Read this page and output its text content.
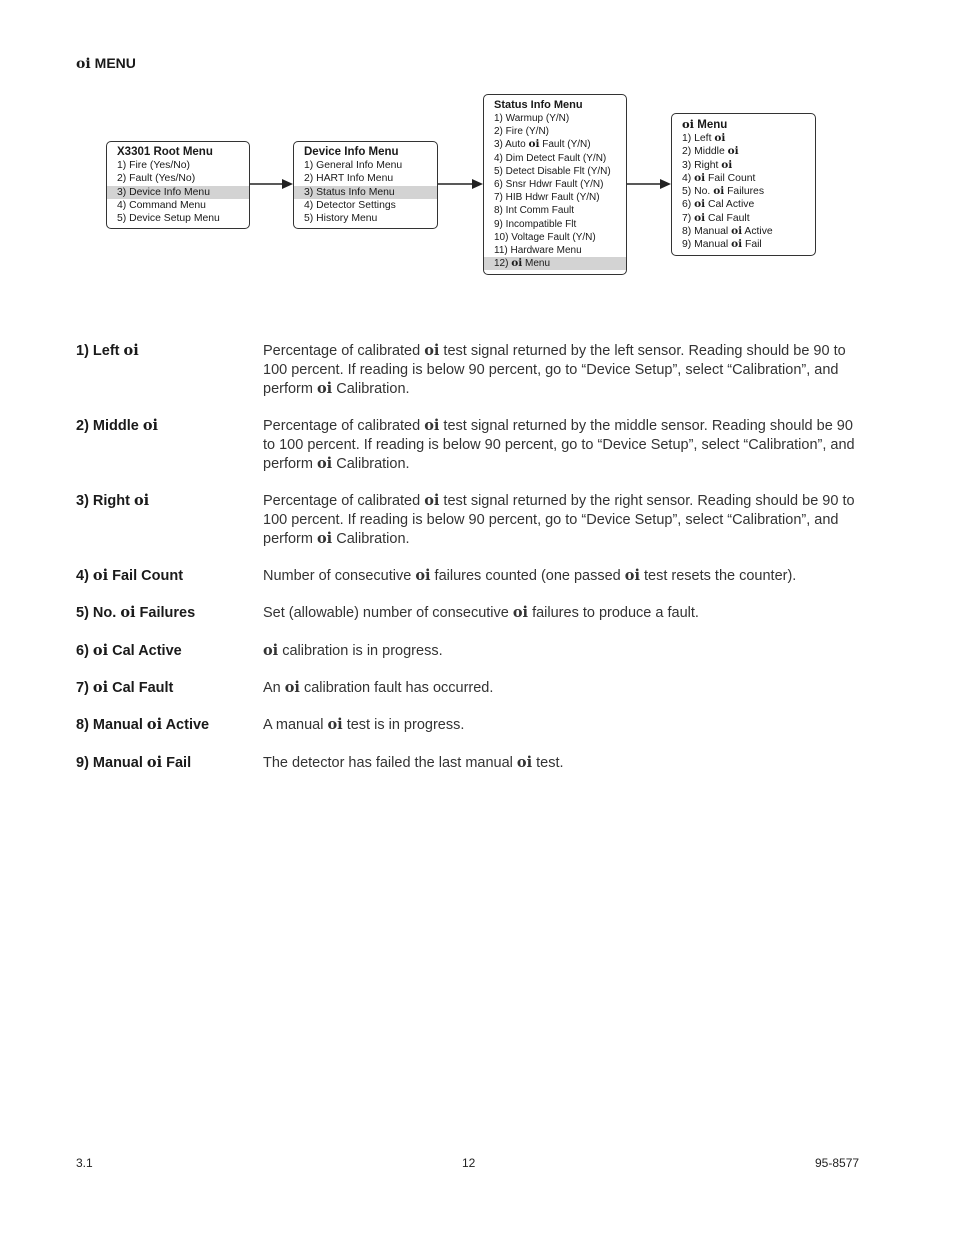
oi MENU
X3301 Root Menu
1) Fire (Yes/No)
2) Fault (Yes/No)
3) Device Info Menu
4) Command Menu
5) Device Setup Menu
Device Info Menu
1) General Info Menu
2) HART Info Menu
3) Status Info Menu
4) Detector Settings
5) History Menu
Status Info Menu
1) Warmup (Y/N)
2) Fire (Y/N)
3) Auto oi Fault (Y/N)
4) Dim Detect Fault (Y/N)
5) Detect Disable Flt (Y/N)
6) Snsr Hdwr Fault (Y/N)
7) HIB Hdwr Fault (Y/N)
8) Int Comm Fault
9) Incompatible Flt
10) Voltage Fault (Y/N)
11) Hardware Menu
12) oi Menu
oi Menu
1) Left oi
2) Middle oi
3) Right oi
4) oi Fail Count
5) No. oi Failures
6) oi Cal Active
7) oi Cal Fault
8) Manual oi Active
9) Manual oi Fail
1) Left oi	Percentage of calibrated oi test signal returned by the left sensor. Reading should be 90 to 100 percent. If reading is below 90 percent, go to “Device Setup”, select “Calibration”, and perform oi Calibration.
2) Middle oi	Percentage of calibrated oi test signal returned by the middle sensor. Reading should be 90 to 100 percent. If reading is below 90 percent, go to “Device Setup”, select “Calibration”, and perform oi Calibration.
3) Right oi	Percentage of calibrated oi test signal returned by the right sensor. Reading should be 90 to 100 percent. If reading is below 90 percent, go to “Device Setup”, select “Calibration”, and perform oi Calibration.
4) oi Fail Count	Number of consecutive oi failures counted (one passed oi test resets the counter).
5) No. oi Failures	Set (allowable) number of consecutive oi failures to produce a fault.
6) oi Cal Active	oi calibration is in progress.
7) oi Cal Fault	An oi calibration fault has occurred.
8) Manual oi Active	A manual oi test is in progress.
9) Manual oi Fail	The detector has failed the last manual oi test.
3.1	12	95-8577
